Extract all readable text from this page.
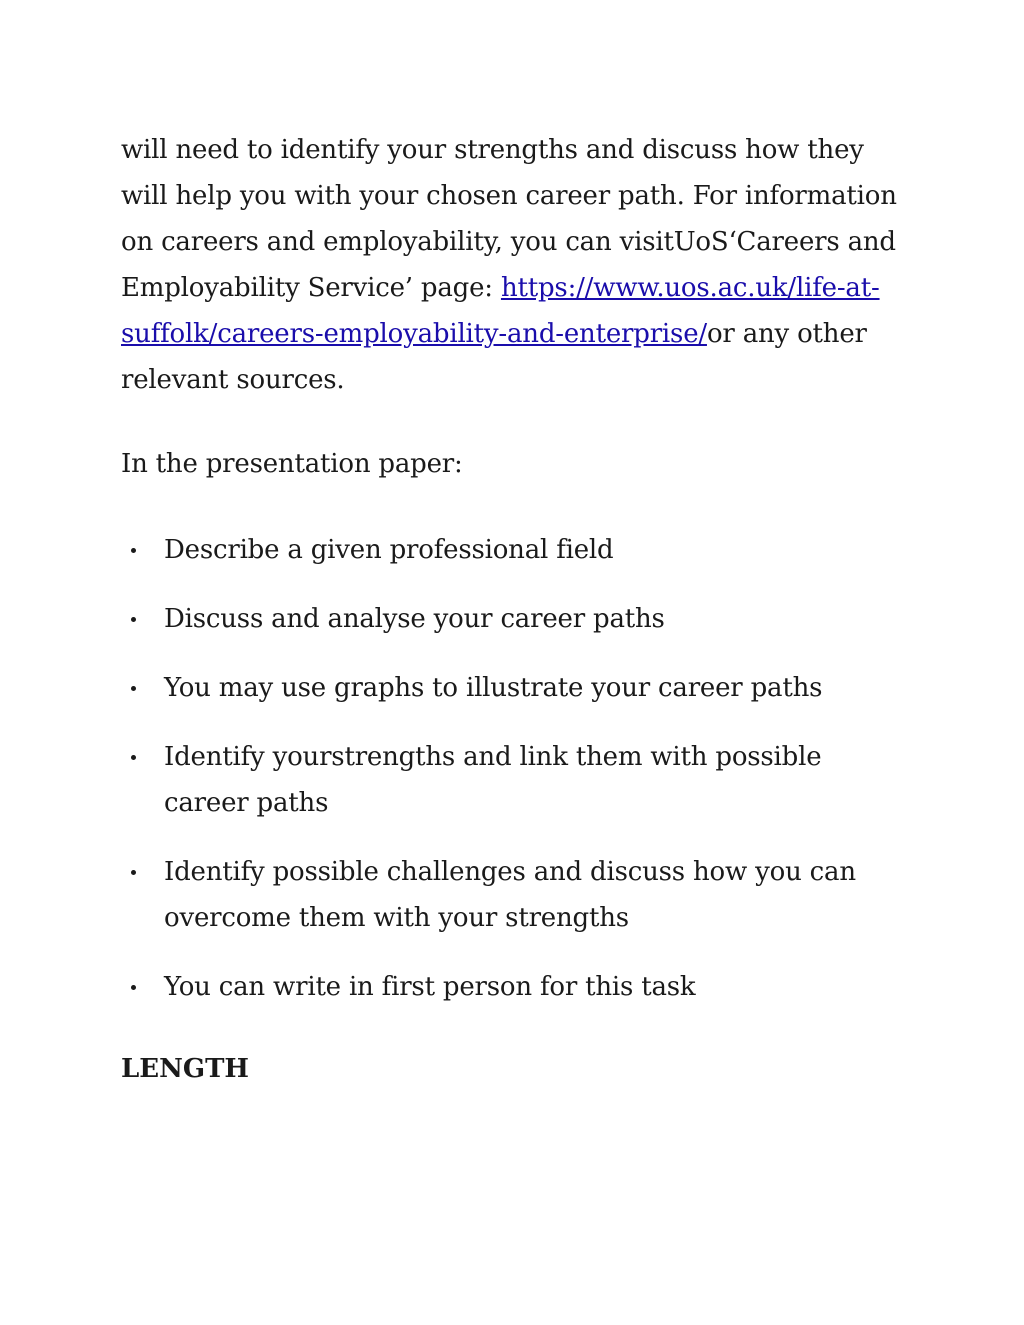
will need to identify your strengths and discuss how they will help you with your chosen career path. For information on careers and employability, you can visitUoS‘Careers and Employability Service’ page: https://www.uos.ac.uk/life-at-suffolk/careers-employability-and-enterprise/or any other relevant sources.

In the presentation paper:

Describe a given professional field
Discuss and analyse your career paths
You may use graphs to illustrate your career paths
Identify yourstrengths and link them with possible career paths
Identify possible challenges and discuss how you can overcome them with your strengths
You can write in first person for this task
LENGTH
